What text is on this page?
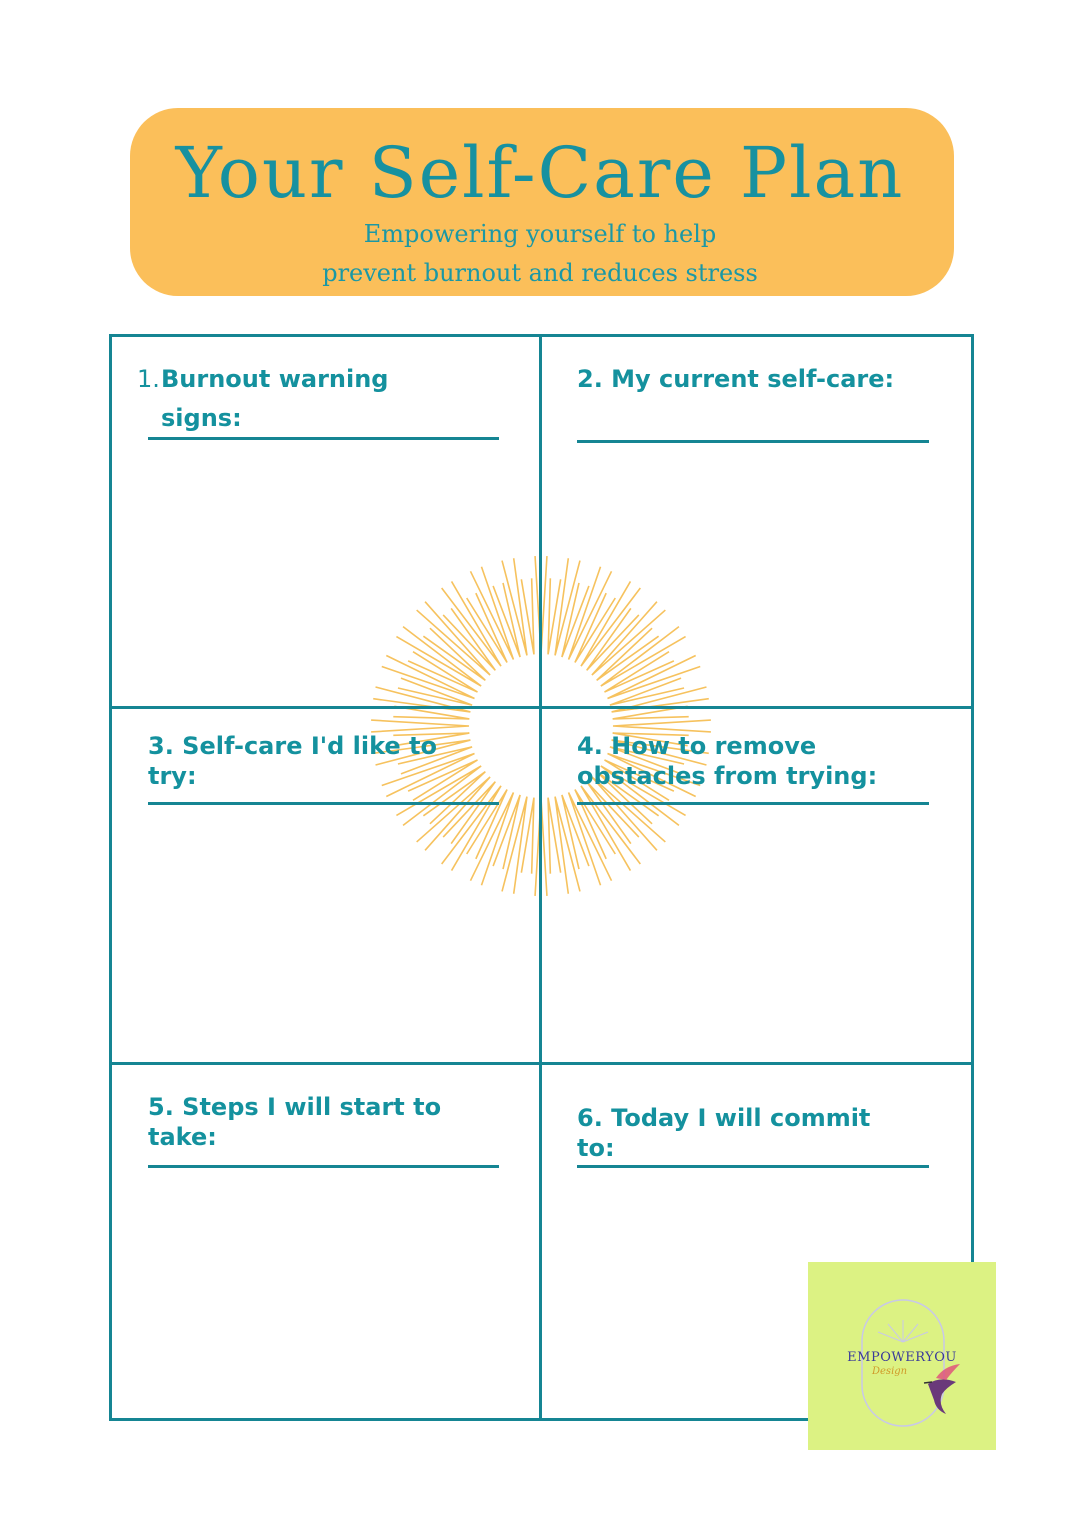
Your Self-Care Plan
Empowering yourself to help
prevent burnout and reduces stress
1. Burnout warning
signs:
2. My current self-care:
3. Self-care I'd like to
try:
4. How to remove
obstacles from trying:
5. Steps I will start to
take:
6. Today I will commit
to:
EMPOWERYOU
Design
